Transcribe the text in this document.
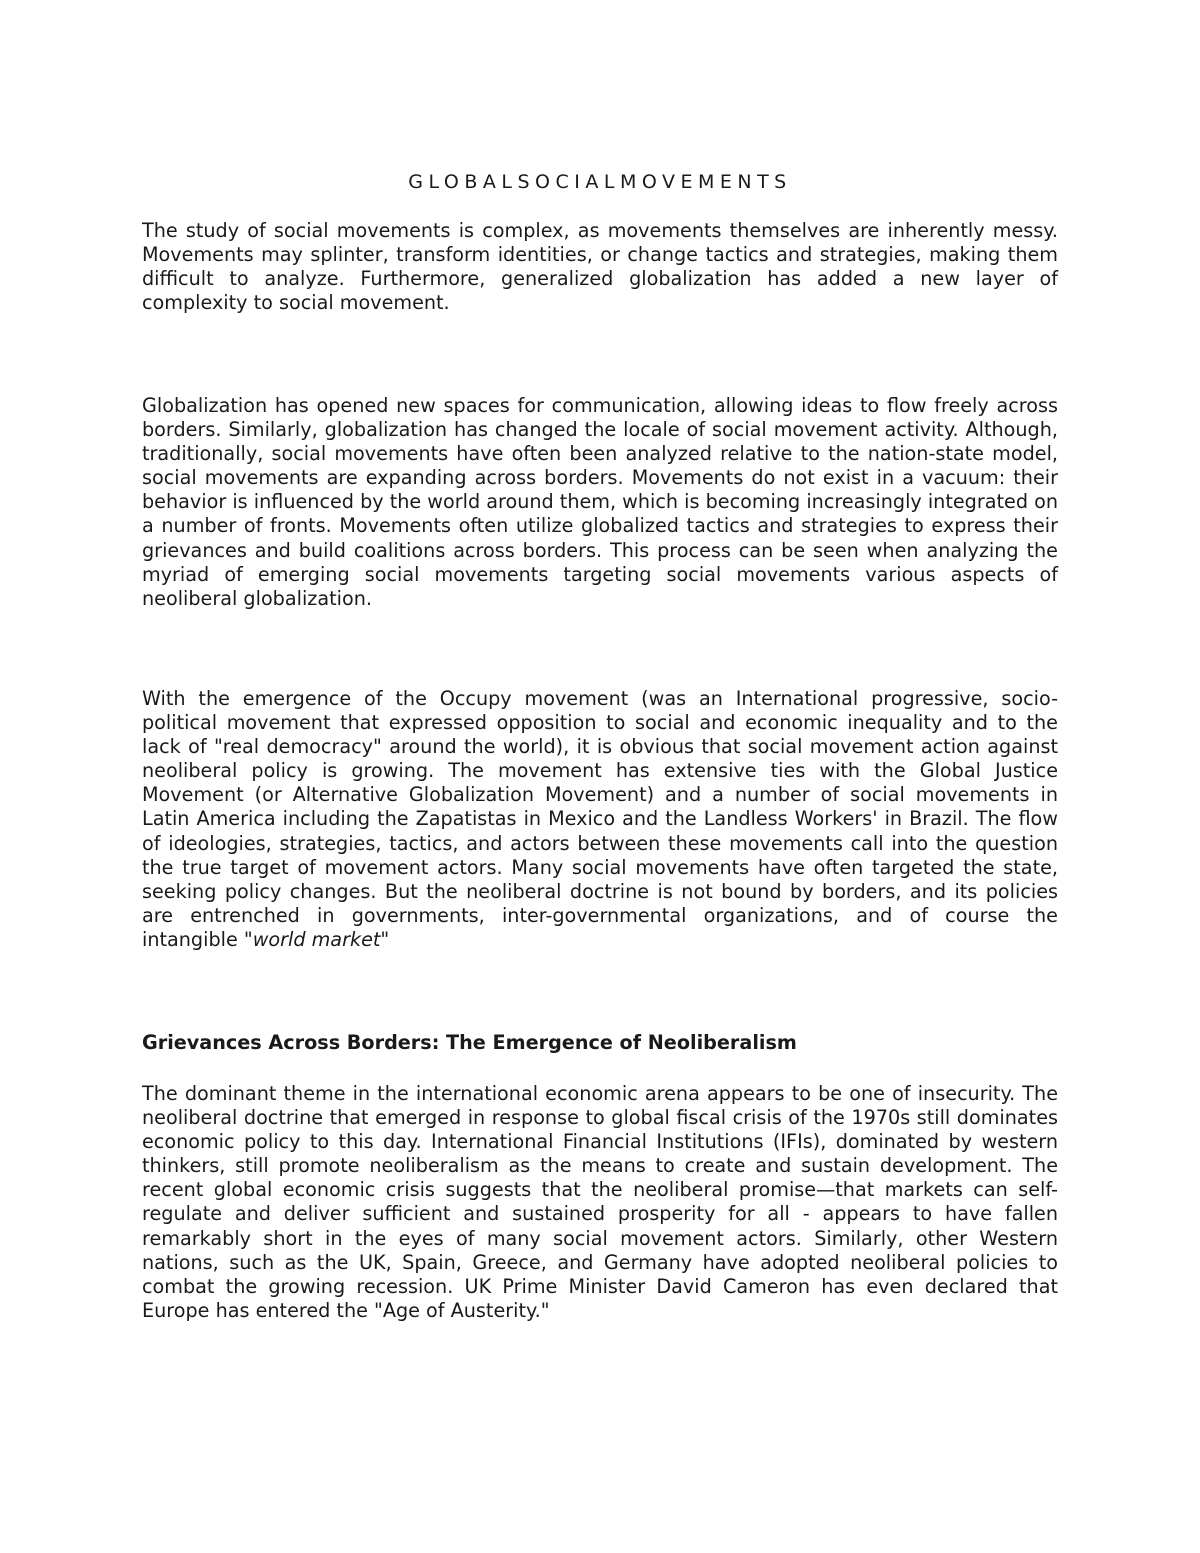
GLOBALSOCIALMOVEMENTS

The study of social movements is complex, as movements themselves are inherently messy. Movements may splinter, transform identities, or change tactics and strategies, making them difficult to analyze. Furthermore, generalized globalization has added a new layer of complexity to social movement.

Globalization has opened new spaces for communication, allowing ideas to flow freely across borders. Similarly, globalization has changed the locale of social movement activity. Although, traditionally, social movements have often been analyzed relative to the nation-state model, social movements are expanding across borders. Movements do not exist in a vacuum: their behavior is influenced by the world around them, which is becoming increasingly integrated on a number of fronts. Movements often utilize globalized tactics and strategies to express their grievances and build coalitions across borders. This process can be seen when analyzing the myriad of emerging social movements targeting social movements various aspects of neoliberal globalization.

With the emergence of the Occupy movement (was an International progressive, socio-political movement that expressed opposition to social and economic inequality and to the lack of "real democracy" around the world), it is obvious that social movement action against neoliberal policy is growing. The movement has extensive ties with the Global Justice Movement (or Alternative Globalization Movement) and a number of social movements in Latin America including the Zapatistas in Mexico and the Landless Workers' in Brazil. The flow of ideologies, strategies, tactics, and actors between these movements call into the question the true target of movement actors. Many social movements have often targeted the state, seeking policy changes. But the neoliberal doctrine is not bound by borders, and its policies are entrenched in governments, inter-governmental organizations, and of course the intangible "world market"

Grievances Across Borders: The Emergence of Neoliberalism

The dominant theme in the international economic arena appears to be one of insecurity. The neoliberal doctrine that emerged in response to global fiscal crisis of the 1970s still dominates economic policy to this day. International Financial Institutions (IFIs), dominated by western thinkers, still promote neoliberalism as the means to create and sustain development. The recent global economic crisis suggests that the neoliberal promise—that markets can self-regulate and deliver sufficient and sustained prosperity for all - appears to have fallen remarkably short in the eyes of many social movement actors. Similarly, other Western nations, such as the UK, Spain, Greece, and Germany have adopted neoliberal policies to combat the growing recession. UK Prime Minister David Cameron has even declared that Europe has entered the "Age of Austerity."
